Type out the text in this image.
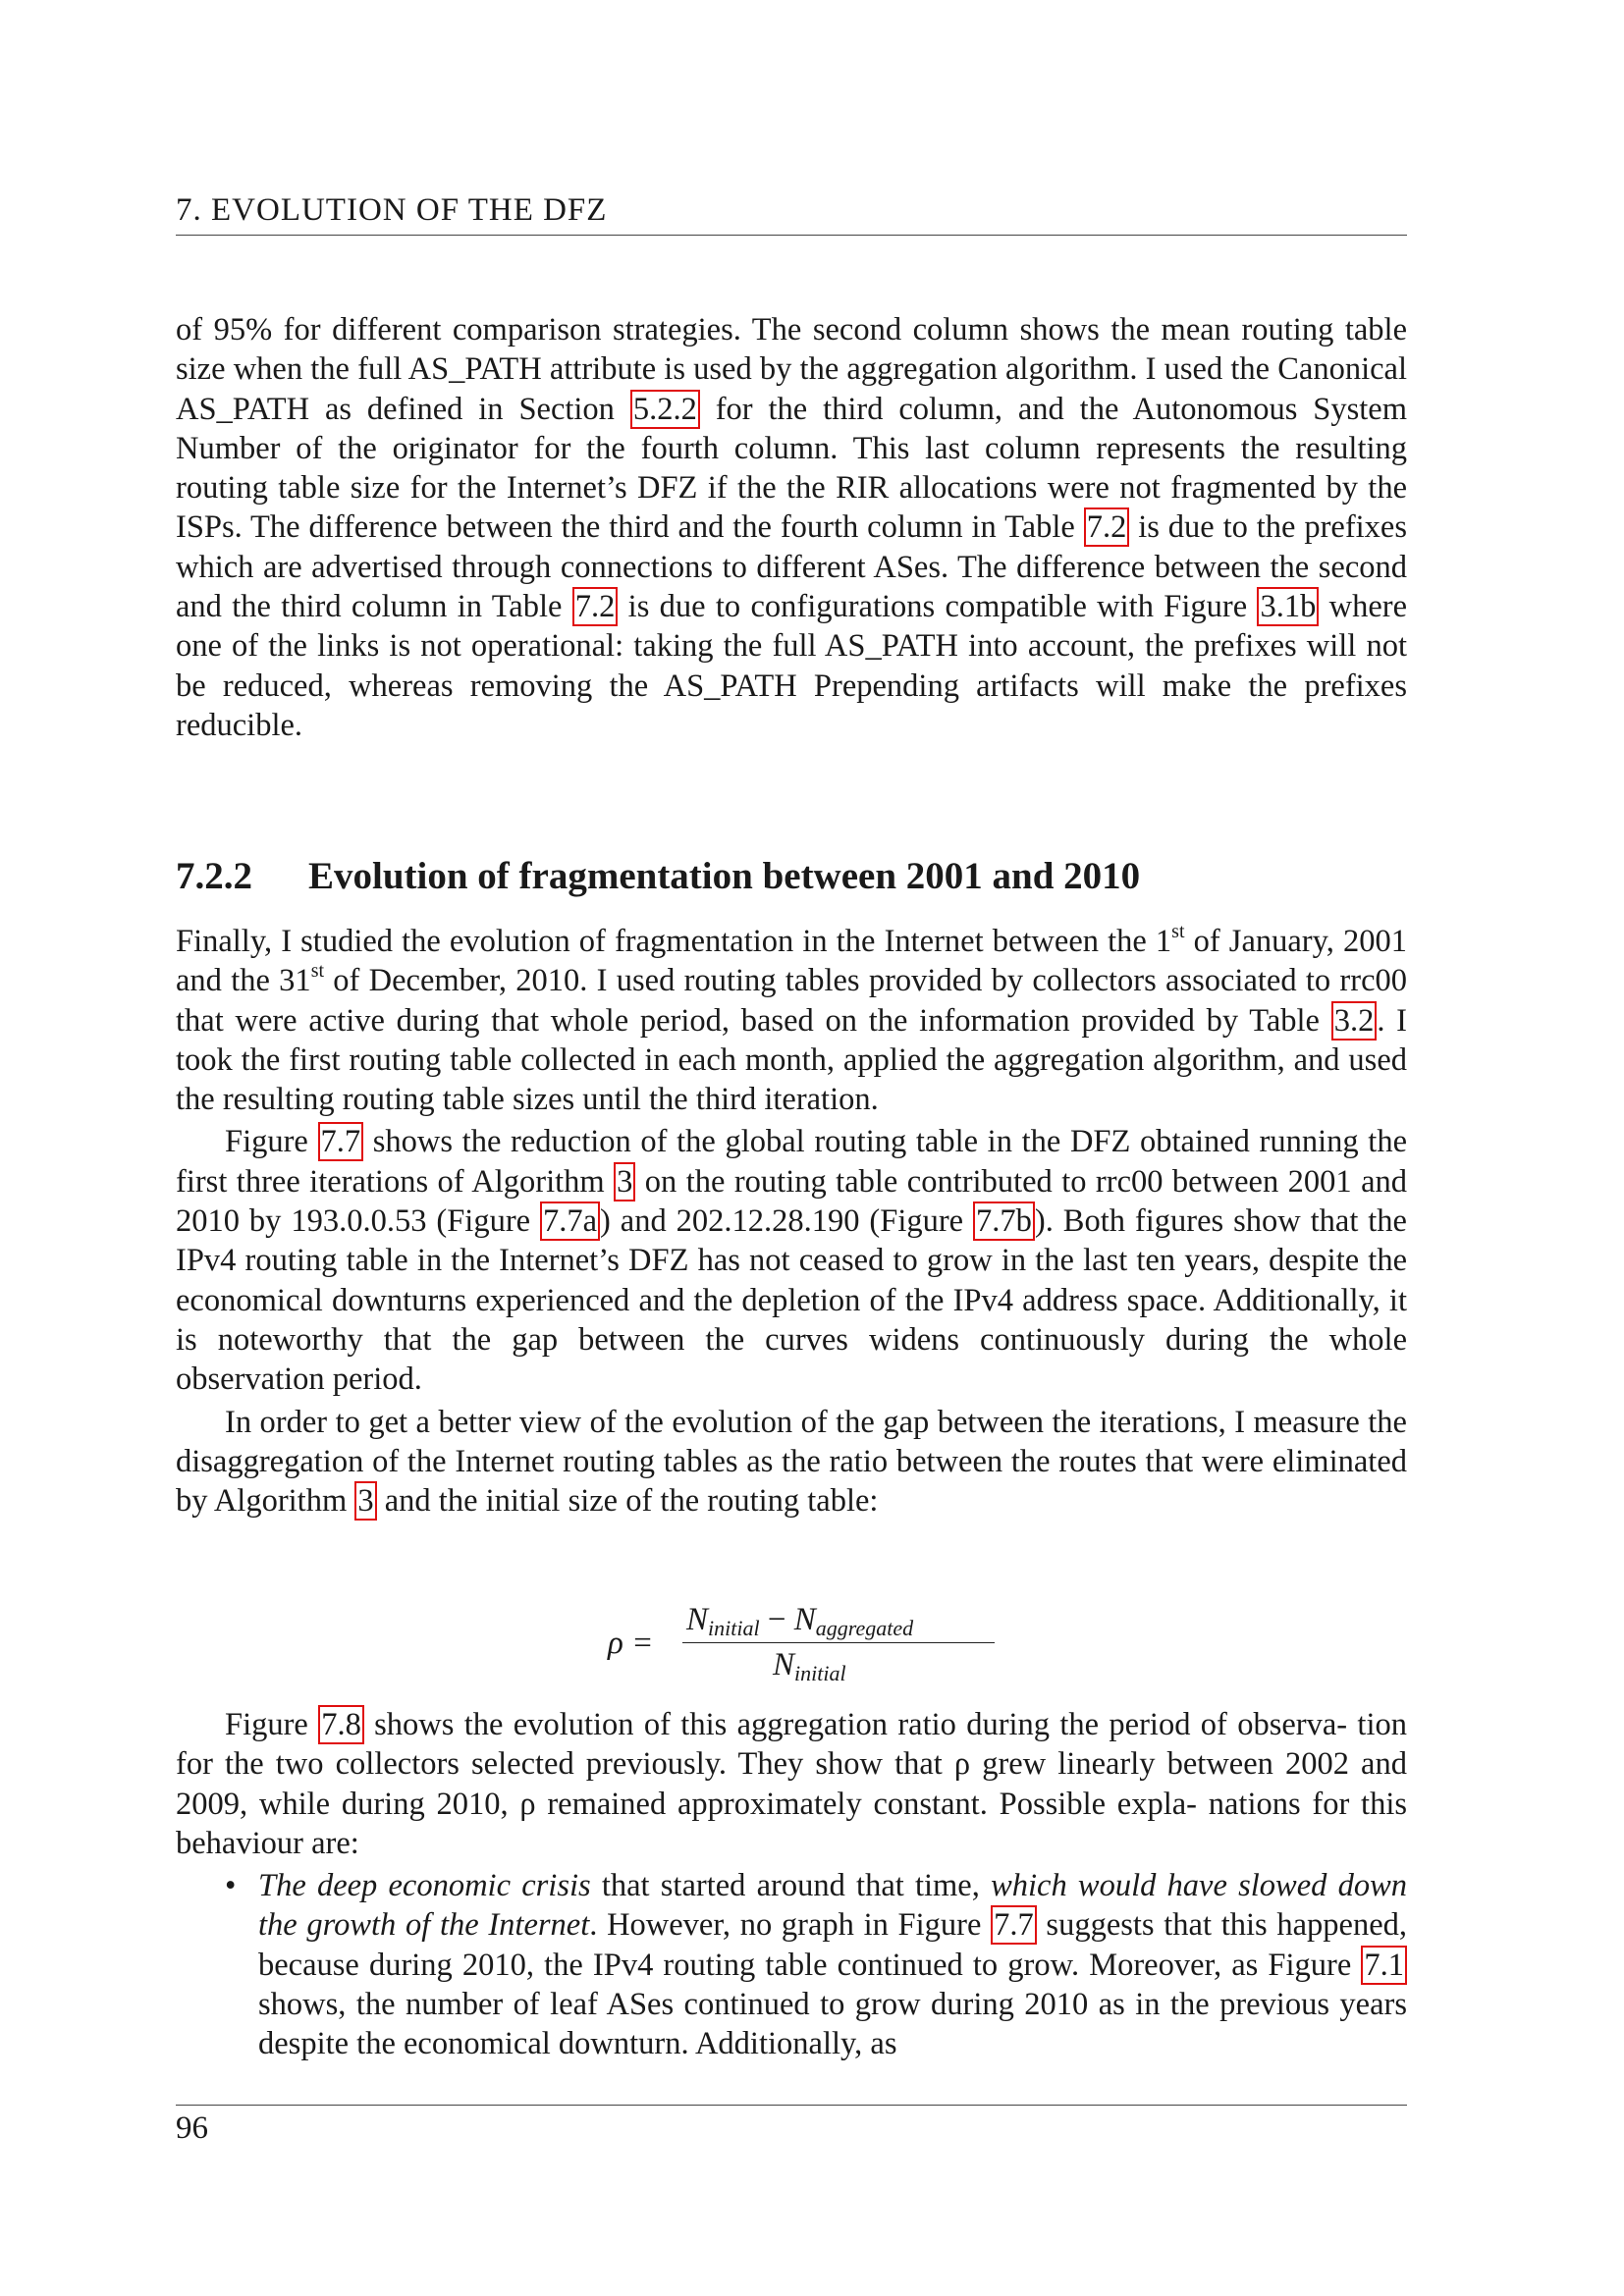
7. EVOLUTION OF THE DFZ

of 95% for different comparison strategies. The second column shows the mean routing table size when the full AS_PATH attribute is used by the aggregation algorithm. I used the Canonical AS_PATH as defined in Section 5.2.2 for the third column, and the Autonomous System Number of the originator for the fourth column. This last column represents the resulting routing table size for the Internet’s DFZ if the the RIR allocations were not fragmented by the ISPs. The difference between the third and the fourth column in Table 7.2 is due to the prefixes which are advertised through connections to different ASes. The difference between the second and the third column in Table 7.2 is due to configurations compatible with Figure 3.1b where one of the links is not operational: taking the full AS_PATH into account, the prefixes will not be reduced, whereas removing the AS_PATH Prepending artifacts will make the prefixes reducible.

7.2.2 Evolution of fragmentation between 2001 and 2010

Finally, I studied the evolution of fragmentation in the Internet between the 1st of January, 2001 and the 31st of December, 2010. I used routing tables provided by collectors associated to rrc00 that were active during that whole period, based on the information provided by Table 3.2. I took the first routing table collected in each month, applied the aggregation algorithm, and used the resulting routing table sizes until the third iteration.

Figure 7.7 shows the reduction of the global routing table in the DFZ obtained running the first three iterations of Algorithm 3 on the routing table contributed to rrc00 between 2001 and 2010 by 193.0.0.53 (Figure 7.7a) and 202.12.28.190 (Figure 7.7b). Both figures show that the IPv4 routing table in the Internet’s DFZ has not ceased to grow in the last ten years, despite the economical downturns experienced and the depletion of the IPv4 address space. Additionally, it is noteworthy that the gap between the curves widens continuously during the whole observation period.

In order to get a better view of the evolution of the gap between the iterations, I measure the disaggregation of the Internet routing tables as the ratio between the routes that were eliminated by Algorithm 3 and the initial size of the routing table:

ρ =
$N_{initial} - N_{aggregated}$
$N_{initial}$

Figure 7.8 shows the evolution of this aggregation ratio during the period of observa- tion for the two collectors selected previously. They show that ρ grew linearly between 2002 and 2009, while during 2010, ρ remained approximately constant. Possible expla- nations for this behaviour are:

• The deep economic crisis that started around that time, which would have slowed down the growth of the Internet. However, no graph in Figure 7.7 suggests that this happened, because during 2010, the IPv4 routing table continued to grow. Moreover, as Figure 7.1 shows, the number of leaf ASes continued to grow during 2010 as in the previous years despite the economical downturn. Additionally, as
96
